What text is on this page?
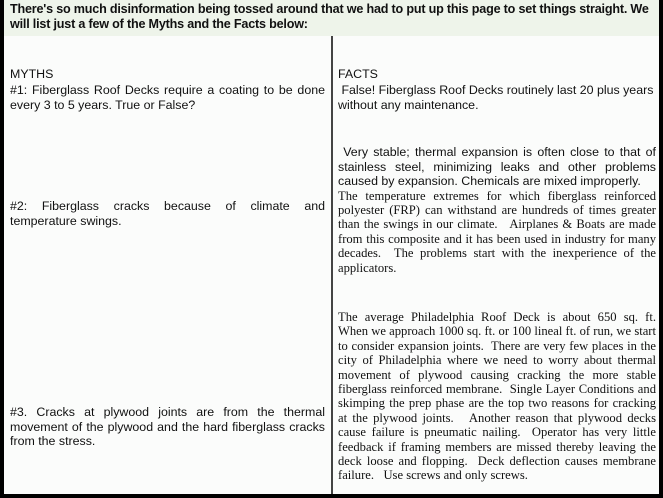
There's so much disinformation being tossed around that we had to put up this page to set things straight. We will list just a few of the Myths and the Facts below:
MYTHS	FACTS
#1: Fiberglass Roof Decks require a coating to be done every 3 to 5 years. True or False?
False! Fiberglass Roof Decks routinely last 20 plus years without any maintenance.
#2: Fiberglass cracks because of climate and temperature swings.
Very stable; thermal expansion is often close to that of stainless steel, minimizing leaks and other problems caused by expansion. Chemicals are mixed improperly.
The temperature extremes for which fiberglass reinforced polyester (FRP) can withstand are hundreds of times greater than the swings in our climate.   Airplanes & Boats are made from this composite and it has been used in industry for many decades.  The problems start with the inexperience of the applicators.
#3. Cracks at plywood joints are from the thermal movement of the plywood and the hard fiberglass cracks from the stress.
The average Philadelphia Roof Deck is about 650 sq. ft.  When we approach 1000 sq. ft. or 100 lineal ft. of run, we start to consider expansion joints.  There are very few places in the city of Philadelphia where we need to worry about thermal movement of plywood causing cracking the more stable fiberglass reinforced membrane.  Single Layer Conditions and skimping the prep phase are the top two reasons for cracking at the plywood joints.   Another reason that plywood decks cause failure is pneumatic nailing.  Operator has very little feedback if framing members are missed thereby leaving the deck loose and flopping.  Deck deflection causes membrane failure.   Use screws and only screws.
